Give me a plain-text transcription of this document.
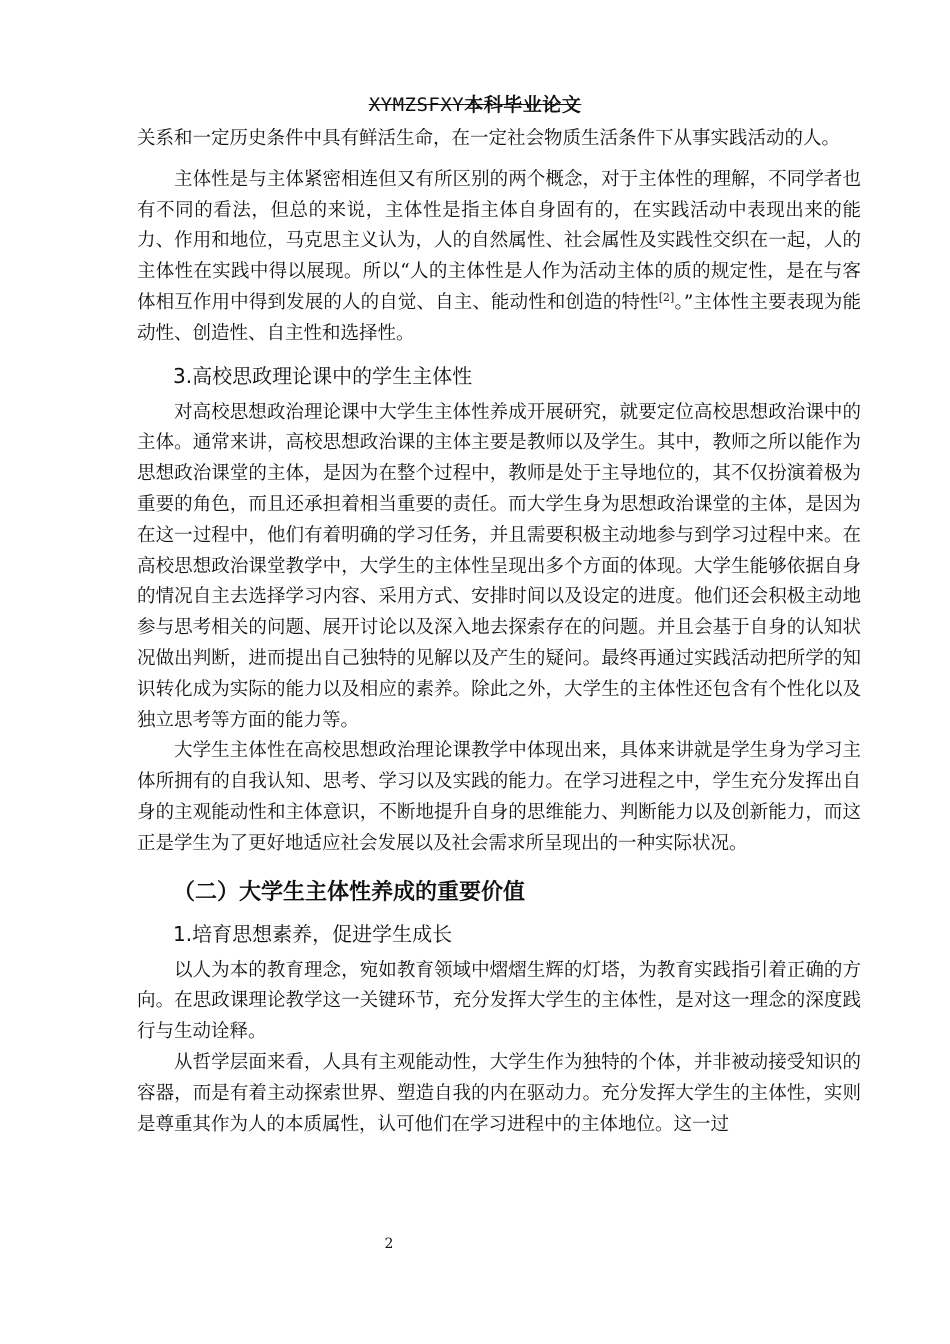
XYMZSFXY本科毕业论文

关系和一定历史条件中具有鲜活生命，在一定社会物质生活条件下从事实践活动的人。

主体性是与主体紧密相连但又有所区别的两个概念，对于主体性的理解，不同学者也有不同的看法，但总的来说，主体性是指主体自身固有的，在实践活动中表现出来的能力、作用和地位，马克思主义认为，人的自然属性、社会属性及实践性交织在一起，人的主体性在实践中得以展现。所以“人的主体性是人作为活动主体的质的规定性，是在与客体相互作用中得到发展的人的自觉、自主、能动性和创造的特性[2]。”主体性主要表现为能动性、创造性、自主性和选择性。

3.高校思政理论课中的学生主体性

对高校思想政治理论课中大学生主体性养成开展研究，就要定位高校思想政治课中的主体。通常来讲，高校思想政治课的主体主要是教师以及学生。其中，教师之所以能作为思想政治课堂的主体，是因为在整个过程中，教师是处于主导地位的，其不仅扮演着极为重要的角色，而且还承担着相当重要的责任。而大学生身为思想政治课堂的主体，是因为在这一过程中，他们有着明确的学习任务，并且需要积极主动地参与到学习过程中来。在高校思想政治课堂教学中，大学生的主体性呈现出多个方面的体现。大学生能够依据自身的情况自主去选择学习内容、采用方式、安排时间以及设定的进度。他们还会积极主动地参与思考相关的问题、展开讨论以及深入地去探索存在的问题。并且会基于自身的认知状况做出判断，进而提出自己独特的见解以及产生的疑问。最终再通过实践活动把所学的知识转化成为实际的能力以及相应的素养。除此之外，大学生的主体性还包含有个性化以及独立思考等方面的能力等。

大学生主体性在高校思想政治理论课教学中体现出来，具体来讲就是学生身为学习主体所拥有的自我认知、思考、学习以及实践的能力。在学习进程之中，学生充分发挥出自身的主观能动性和主体意识，不断地提升自身的思维能力、判断能力以及创新能力，而这正是学生为了更好地适应社会发展以及社会需求所呈现出的一种实际状况。

（二）大学生主体性养成的重要价值
1.培育思想素养，促进学生成长

以人为本的教育理念，宛如教育领域中熠熠生辉的灯塔，为教育实践指引着正确的方向。在思政课理论教学这一关键环节，充分发挥大学生的主体性，是对这一理念的深度践行与生动诠释。

从哲学层面来看，人具有主观能动性，大学生作为独特的个体，并非被动接受知识的容器，而是有着主动探索世界、塑造自我的内在驱动力。充分发挥大学生的主体性，实则是尊重其作为人的本质属性，认可他们在学习进程中的主体地位。这一过

2
